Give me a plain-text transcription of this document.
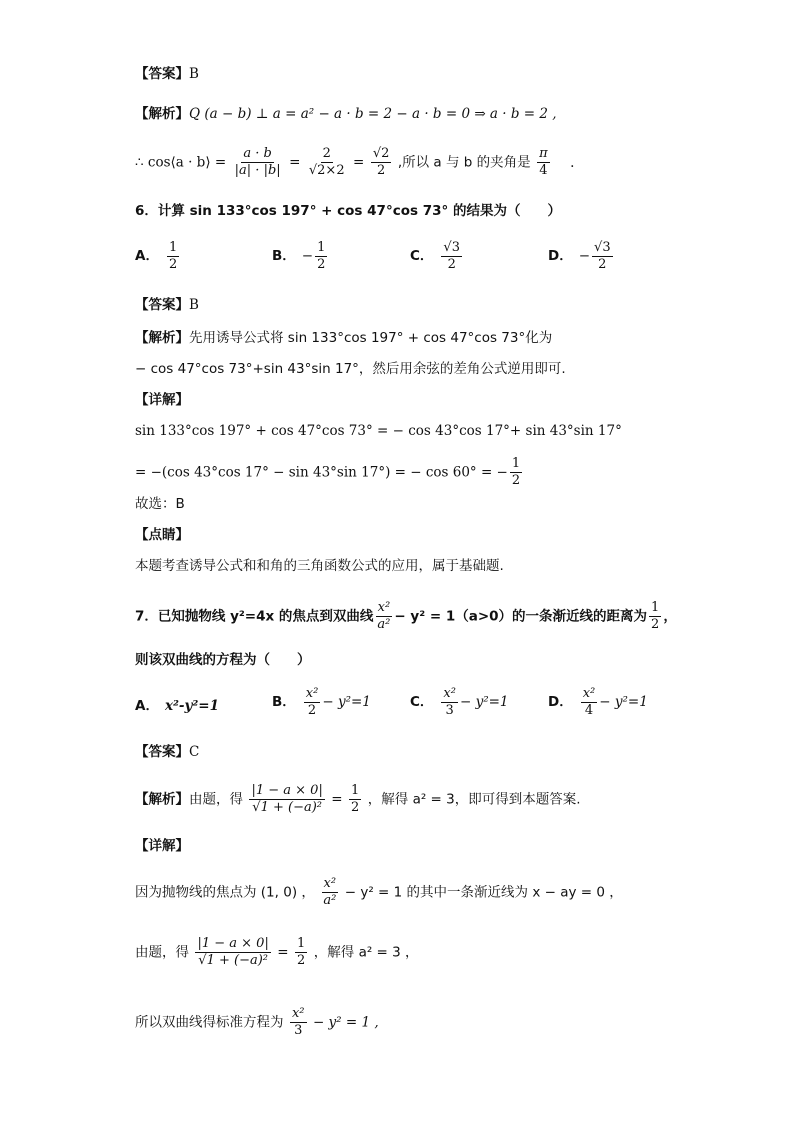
【答案】B
【解析】Q (a − b) ⊥ a = a² − a · b = 2 − a · b = 0 ⇒ a · b = 2 ,
∴ cos⟨a · b⟩ = $\frac{a \cdot b}{|a| \cdot |b|} = \frac{2}{√2\times 2} = \frac{√2}{2}$ ,所以 a 与 b 的夹角是 $\frac{\pi}{4}$ .
6．计算 sin 133°cos 197° + cos 47°cos 73° 的结果为（　　）
A． $\frac{1}{2}$	B． − $\frac{1}{2}$	C． $\frac{√3}{2}$	D． − $\frac{√3}{2}$
【答案】B
【解析】先用诱导公式将 sin 133°cos 197° + cos 47°cos 73°化为
− cos 47°cos 73°+sin 43°sin 17°，然后用余弦的差角公式逆用即可.
【详解】
sin 133°cos 197° + cos 47°cos 73° = − cos 43°cos 17°+ sin 43°sin 17°
= −(cos 43°cos 17° − sin 43°sin 17°) = − cos 60° = − $\frac{1}{2}$
故选：B
【点睛】
本题考查诱导公式和和角的三角函数公式的应用，属于基础题.
7．已知抛物线 y²=4x 的焦点到双曲线 $\frac{\text{x²}}{\text{a²}} - y^2 = 1(a>0)$的一条渐近线的距离为 $\frac{1}{2}$ ，
则该双曲线的方程为（　　）
A． x²-y²=1	B． $\frac{\text{x²}}{2} - y^2=1$	C． $\frac{\text{x²}}{3} - y^2=1$	D． $\frac{\text{x²}}{4} - y^2=1$
【答案】C
【解析】由题，得 $\frac{|1 - a \times 0|}{\text{√1 + (−a)²}} = \frac{1}{2}$ ，解得 a² = 3，即可得到本题答案.
【详解】
因为抛物线的焦点为 (1, 0) ， $\frac{\text{x²}}{\text{a²}} - y^2 = 1$ 的其中一条渐近线为 x − ay = 0 ，
由题，得 $\frac{|1 - a \times 0|}{\text{√1 + (−a)²}} = \frac{1}{2}$ ，解得 a² = 3 ，
所以双曲线得标准方程为 $\frac{\text{x²}}{3} - y^2 = 1$ ,
